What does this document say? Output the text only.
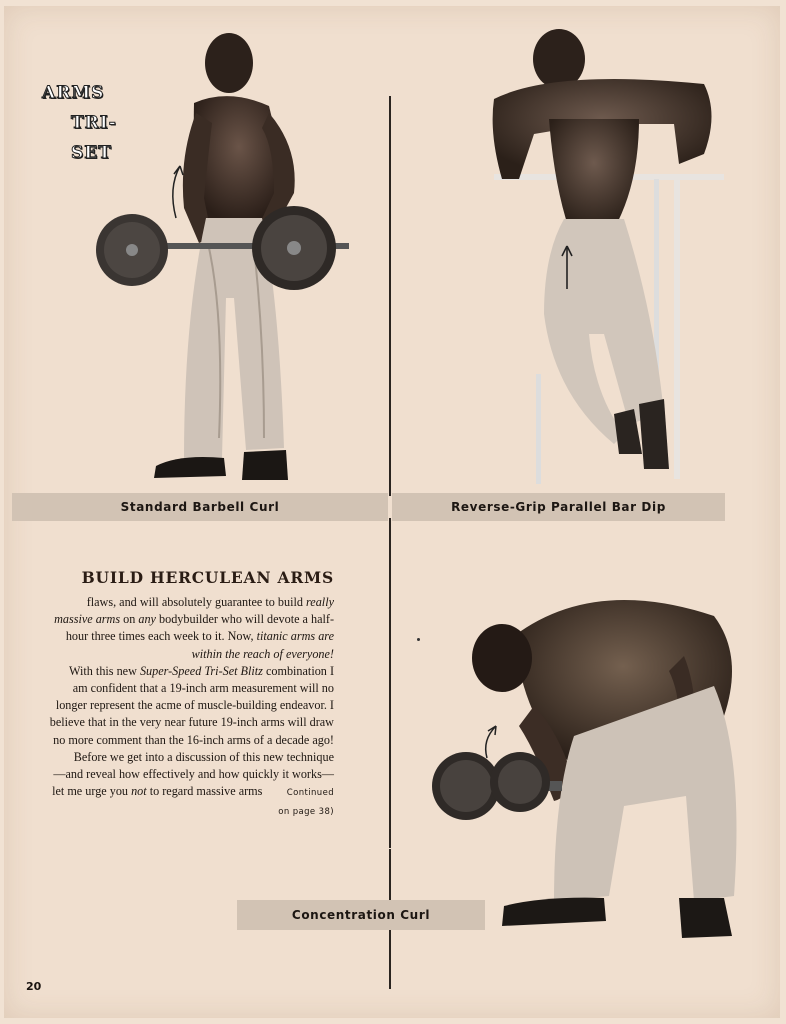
ARMS
TRI-
SET
Standard Barbell Curl	Reverse-Grip Parallel Bar Dip
Concentration Curl
BUILD HERCULEAN ARMS

flaws, and will absolutely guarantee to build really massive arms on any bodybuilder who will devote a half-hour three times each week to it. Now, titanic arms are within the reach of everyone!

With this new Super-Speed Tri-Set Blitz combination I am confident that a 19-inch arm measurement will no longer represent the acme of muscle-building endeavor. I believe that in the very near future 19-inch arms will draw no more comment than the 16-inch arms of a decade ago!

Before we get into a discussion of this new technique—and reveal how effectively and how quickly it works—let me urge you not to regard massive arms	Continued on page 38)

20
